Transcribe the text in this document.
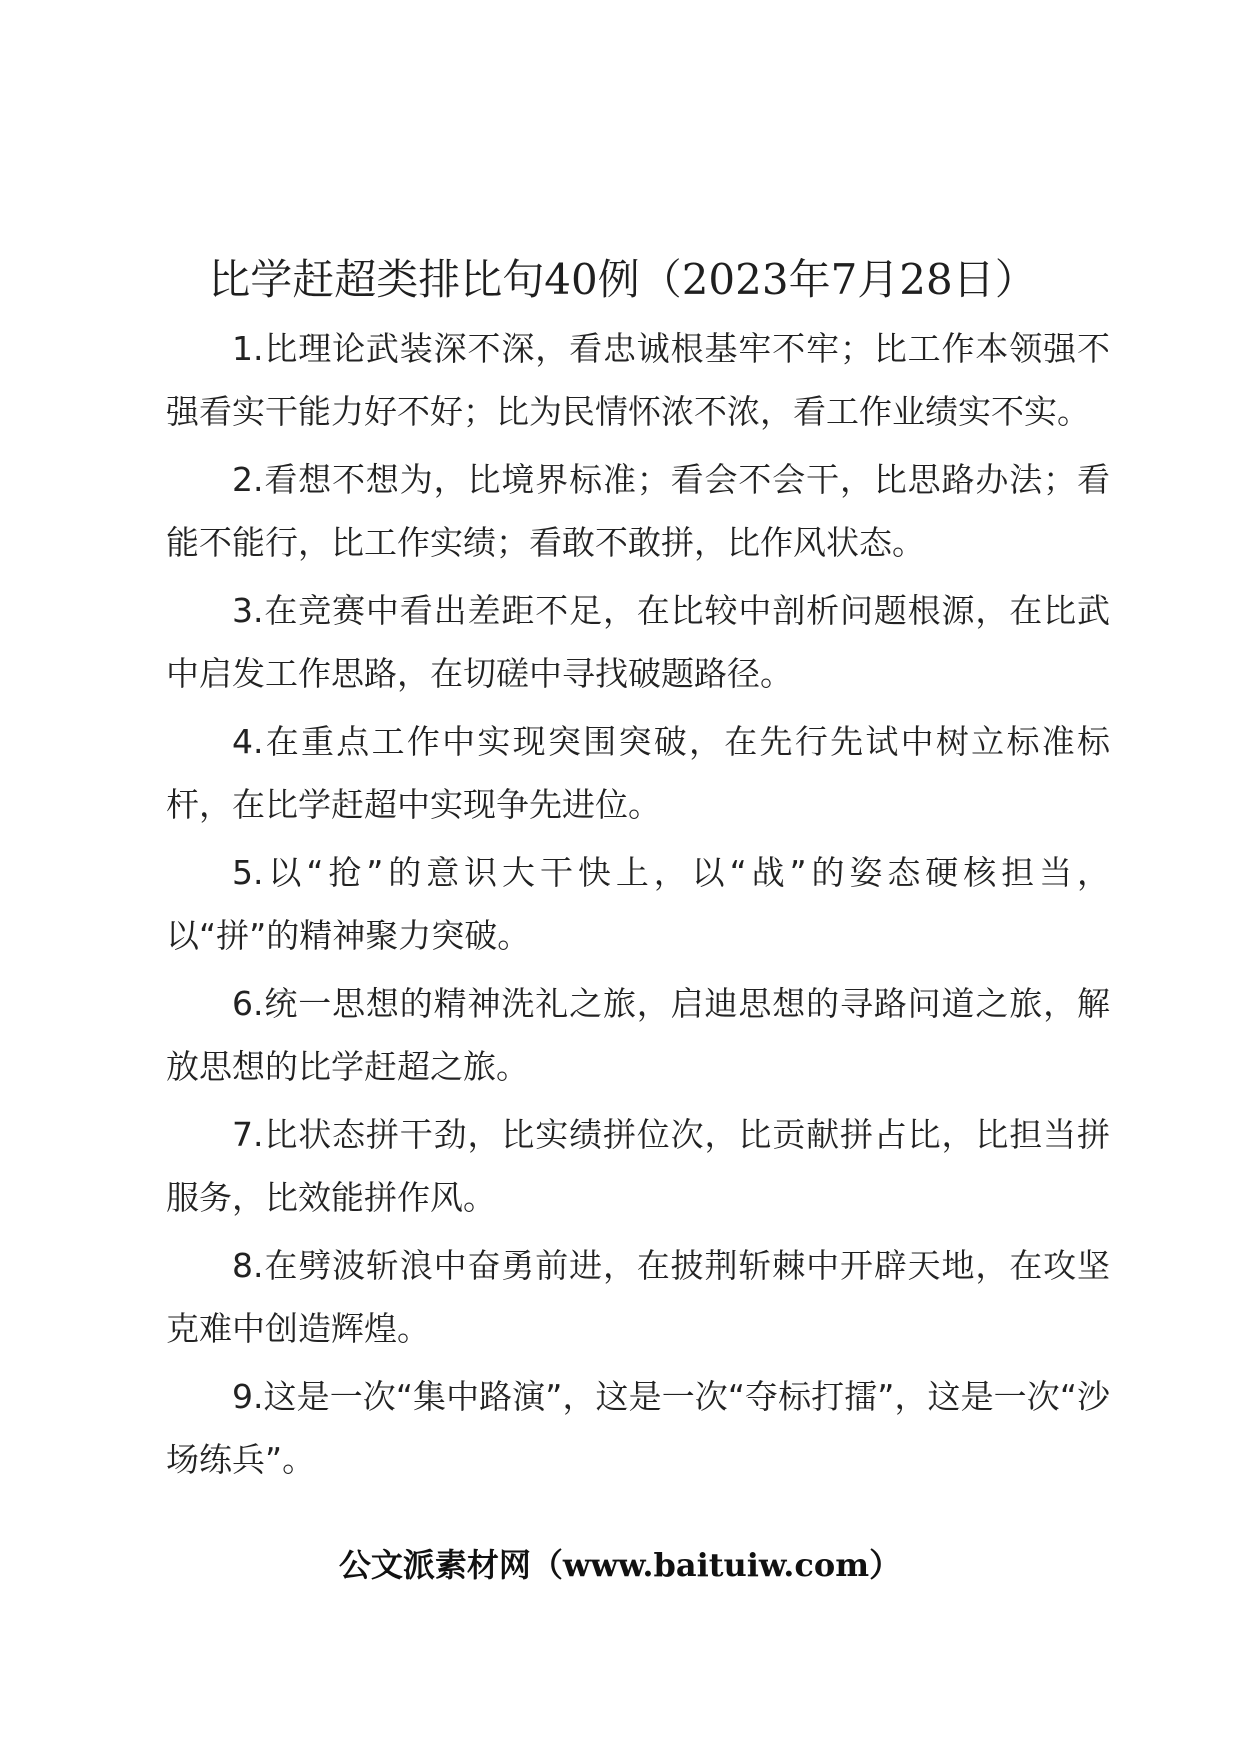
比学赶超类排比句40例（2023年7月28日）

1.比理论武装深不深，看忠诚根基牢不牢；比工作本领强不强看实干能力好不好；比为民情怀浓不浓，看工作业绩实不实。

2.看想不想为，比境界标准；看会不会干，比思路办法；看能不能行，比工作实绩；看敢不敢拼，比作风状态。

3.在竞赛中看出差距不足，在比较中剖析问题根源，在比武中启发工作思路，在切磋中寻找破题路径。

4.在重点工作中实现突围突破，在先行先试中树立标准标杆，在比学赶超中实现争先进位。

5.以“抢”的意识大干快上，以“战”的姿态硬核担当，以“拼”的精神聚力突破。

6.统一思想的精神洗礼之旅，启迪思想的寻路问道之旅，解放思想的比学赶超之旅。

7.比状态拼干劲，比实绩拼位次，比贡献拼占比，比担当拼服务，比效能拼作风。

8.在劈波斩浪中奋勇前进，在披荆斩棘中开辟天地，在攻坚克难中创造辉煌。

9.这是一次“集中路演”，这是一次“夺标打擂”，这是一次“沙场练兵”。

公文派素材网（www.baituiw.com）
